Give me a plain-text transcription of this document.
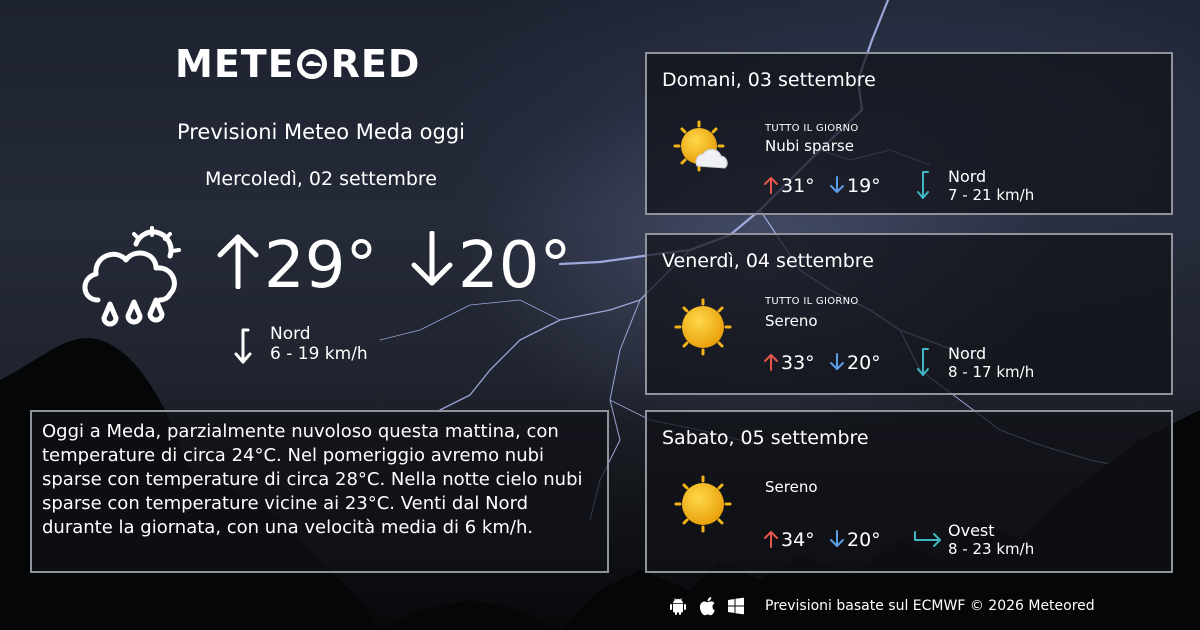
METE RED
Previsioni Meteo Meda oggi
Mercoledì, 02 settembre
29°	20°
Nord
6 - 19 km/h
Oggi a Meda, parzialmente nuvoloso questa mattina, con temperature di circa 24°C. Nel pomeriggio avremo nubi sparse con temperature di circa 28°C. Nella notte cielo nubi sparse con temperature vicine ai 23°C. Venti dal Nord durante la giornata, con una velocità media di 6 km/h.
Domani, 03 settembre
TUTTO IL GIORNO
Nubi sparse
31°	19°	Nord
7 - 21 km/h
Venerdì, 04 settembre
TUTTO IL GIORNO
Sereno
33°	20°	Nord
8 - 17 km/h
Sabato, 05 settembre
Sereno
34°	20°	Ovest
8 - 23 km/h
Previsioni basate sul ECMWF © 2026 Meteored
